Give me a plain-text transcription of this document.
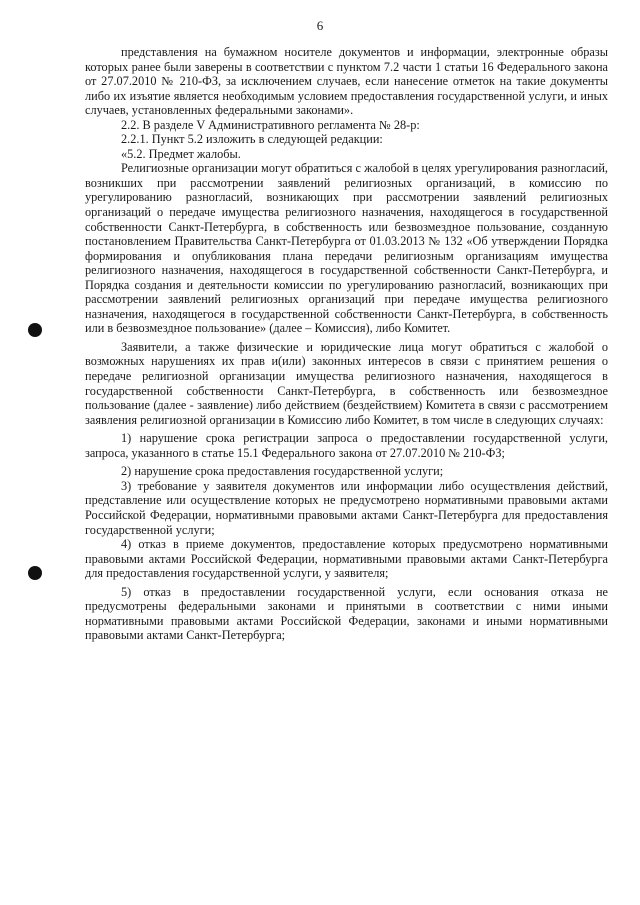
6

представления на бумажном носителе документов и информации, электронные образы которых ранее были заверены в соответствии с пунктом 7.2 части 1 статьи 16 Федерального закона от 27.07.2010 № 210-ФЗ, за исключением случаев, если нанесение отметок на такие документы либо их изъятие является необходимым условием предоставления государственной услуги, и иных случаев, установленных федеральными законами».

2.2. В разделе V Административного регламента № 28-р:

2.2.1. Пункт 5.2 изложить в следующей редакции:

«5.2. Предмет жалобы.

Религиозные организации могут обратиться с жалобой в целях урегулирования разногласий, возникших при рассмотрении заявлений религиозных организаций, в комиссию по урегулированию разногласий, возникающих при рассмотрении заявлений религиозных организаций о передаче имущества религиозного назначения, находящегося в государственной собственности Санкт-Петербурга, в собственность или безвозмездное пользование, созданную постановлением Правительства Санкт-Петербурга от 01.03.2013 № 132 «Об утверждении Порядка формирования и опубликования плана передачи религиозным организациям имущества религиозного назначения, находящегося в государственной собственности Санкт-Петербурга, и Порядка создания и деятельности комиссии по урегулированию разногласий, возникающих при рассмотрении заявлений религиозных организаций при передаче имущества религиозного назначения, находящегося в государственной собственности Санкт-Петербурга, в собственность или в безвозмездное пользование» (далее – Комиссия), либо Комитет.

Заявители, а также физические и юридические лица могут обратиться с жалобой о возможных нарушениях их прав и(или) законных интересов в связи с принятием решения о передаче религиозной организации имущества религиозного назначения, находящегося в государственной собственности Санкт-Петербурга, в собственность или безвозмездное пользование (далее - заявление) либо действием (бездействием) Комитета в связи с рассмотрением заявления религиозной организации в Комиссию либо Комитет, в том числе в следующих случаях:

1) нарушение срока регистрации запроса о предоставлении государственной услуги, запроса, указанного в статье 15.1 Федерального закона от 27.07.2010 № 210-ФЗ;

2) нарушение срока предоставления государственной услуги;

3) требование у заявителя документов или информации либо осуществления действий, представление или осуществление которых не предусмотрено нормативными правовыми актами Российской Федерации, нормативными правовыми актами Санкт-Петербурга для предоставления государственной услуги;

4) отказ в приеме документов, предоставление которых предусмотрено нормативными правовыми актами Российской Федерации, нормативными правовыми актами Санкт-Петербурга для предоставления государственной услуги, у заявителя;

5) отказ в предоставлении государственной услуги, если основания отказа не предусмотрены федеральными законами и принятыми в соответствии с ними иными нормативными правовыми актами Российской Федерации, законами и иными нормативными правовыми актами Санкт-Петербурга;
